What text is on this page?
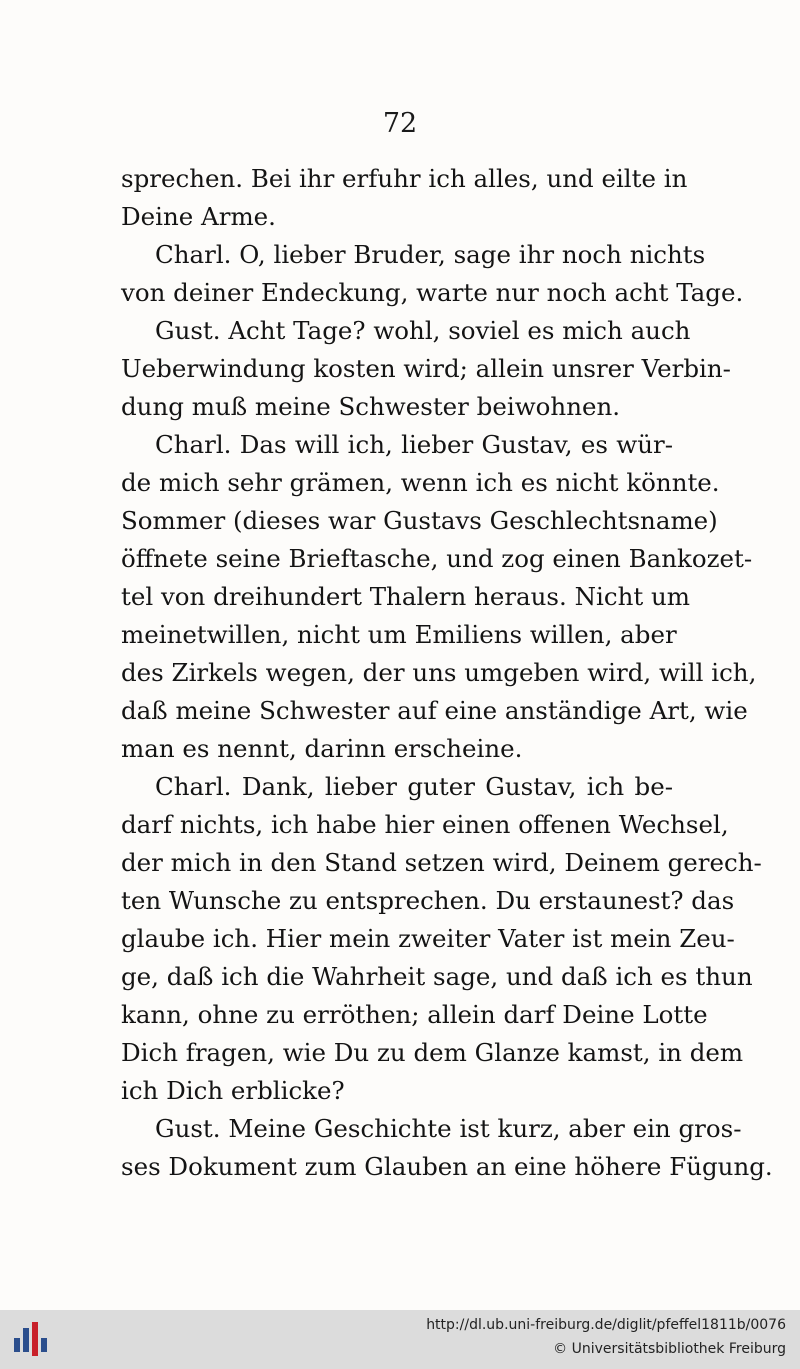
72
sprechen. Bei ihr erfuhr ich alles, und eilte in
Deine Arme.
Charl. O, lieber Bruder, sage ihr noch nichts
von deiner Endeckung, warte nur noch acht Tage.
Gust. Acht Tage? wohl, soviel es mich auch
Ueberwindung kosten wird; allein unsrer Verbin-
dung muß meine Schwester beiwohnen.
Charl. Das will ich, lieber Gustav, es wür-
de mich sehr grämen, wenn ich es nicht könnte.
Sommer (dieses war Gustavs Geschlechtsname)
öffnete seine Brieftasche, und zog einen Bankozet-
tel von dreihundert Thalern heraus. Nicht um
meinetwillen, nicht um Emiliens willen, aber
des Zirkels wegen, der uns umgeben wird, will ich,
daß meine Schwester auf eine anständige Art, wie
man es nennt, darinn erscheine.
Charl. Dank, lieber guter Gustav, ich be-
darf nichts, ich habe hier einen offenen Wechsel,
der mich in den Stand setzen wird, Deinem gerech-
ten Wunsche zu entsprechen. Du erstaunest? das
glaube ich. Hier mein zweiter Vater ist mein Zeu-
ge, daß ich die Wahrheit sage, und daß ich es thun
kann, ohne zu erröthen; allein darf Deine Lotte
Dich fragen, wie Du zu dem Glanze kamst, in dem
ich Dich erblicke?
Gust. Meine Geschichte ist kurz, aber ein gros-
ses Dokument zum Glauben an eine höhere Fügung.
http://dl.ub.uni-freiburg.de/diglit/pfeffel1811b/0076
© Universitätsbibliothek Freiburg
